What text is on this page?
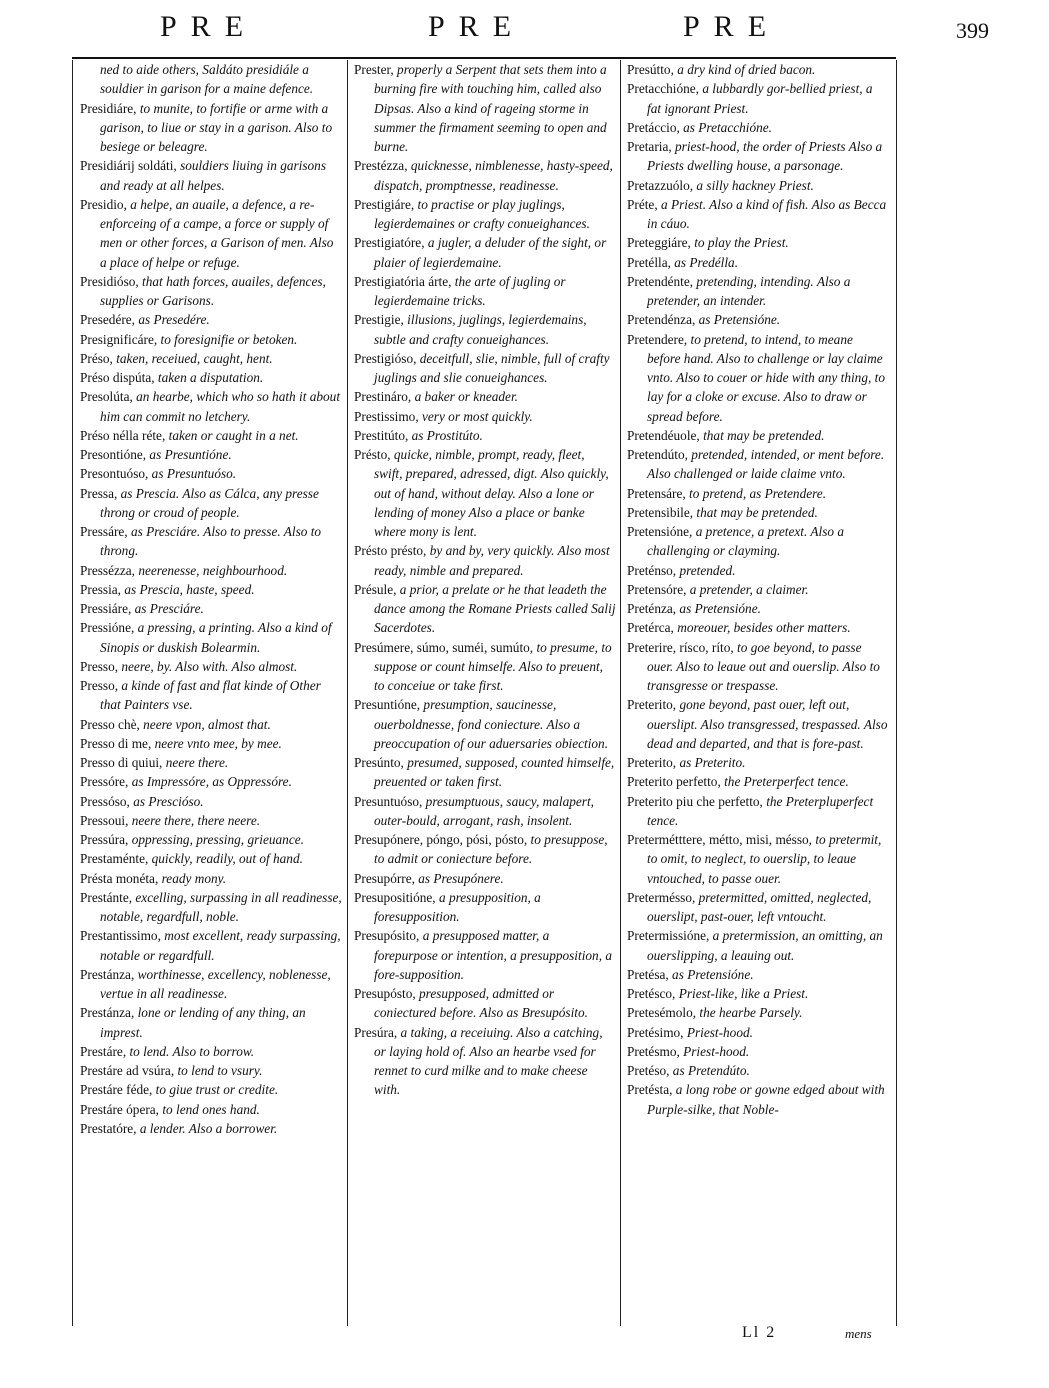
PRE	PRE	PRE	399

ned to aide others, Saldáto presidiále a souldier in garison for a maine defence.

Presidiáre, to munite, to fortifie or arme with a garison, to liue or stay in a garison. Also to besiege or beleagre.

Presidiárij soldáti, souldiers liuing in garisons and ready at all helpes.

Presidio, a helpe, an auaile, a defence, a re-enforceing of a campe, a force or supply of men or other forces, a Garison of men. Also a place of helpe or refuge.

Presidióso, that hath forces, auailes, defences, supplies or Garisons.

Presedére, as Presedére.

Presignificáre, to foresignifie or betoken.

Préso, taken, receiued, caught, hent.

Préso dispúta, taken a disputation.

Presolúta, an hearbe, which who so hath it about him can commit no letchery.

Préso nélla réte, taken or caught in a net.

Presontióne, as Presuntióne.

Presontuóso, as Presuntuóso.

Pressa, as Prescia. Also as Cálca, any presse throng or croud of people.

Pressáre, as Presciáre. Also to presse. Also to throng.

Pressézza, neerenesse, neighbourhood.

Pressia, as Prescia, haste, speed.

Pressiáre, as Presciáre.

Pressióne, a pressing, a printing. Also a kind of Sinopis or duskish Bolearmin.

Presso, neere, by. Also with. Also almost.

Presso, a kinde of fast and flat kinde of Other that Painters vse.

Presso chè, neere vpon, almost that.

Presso di me, neere vnto mee, by mee.

Presso di quiui, neere there.

Pressóre, as Impressóre, as Oppressóre.

Pressóso, as Presciósо.

Pressoui, neere there, there neere.

Pressúra, oppressing, pressing, grieuance.

Prestaménte, quickly, readily, out of hand.

Présta monéta, ready mony.

Prestánte, excelling, surpassing in all readinesse, notable, regardfull, noble.

Prestantissimo, most excellent, ready surpassing, notable or regardfull.

Prestánza, worthinesse, excellency, noblenesse, vertue in all readinesse.

Prestánza, lone or lending of any thing, an imprest.

Prestáre, to lend. Also to borrow.

Prestáre ad vsúra, to lend to vsury.

Prestáre féde, to giue trust or credite.

Prestáre ópera, to lend ones hand.

Prestatóre, a lender. Also a borrower.

Prester, properly a Serpent that sets them into a burning fire with touching him, called also Dipsas. Also a kind of rageing storme in summer the firmament seeming to open and burne.

Prestézza, quicknesse, nimblenesse, hasty-speed, dispatch, promptnesse, readinesse.

Prestigiáre, to practise or play juglings, legierdemaines or crafty conueighances.

Prestigiatóre, a jugler, a deluder of the sight, or plaier of legierdemaine.

Prestigiatória árte, the arte of jugling or legierdemaine tricks.

Prestigie, illusions, juglings, legierdemains, subtle and crafty conueighances.

Prestigióso, deceitfull, slie, nimble, full of crafty juglings and slie conueighances.

Prestináro, a baker or kneader.

Prestissimo, very or most quickly.

Prestitúto, as Prostitúto.

Présto, quicke, nimble, prompt, ready, fleet, swift, prepared, adressed, digt. Also quickly, out of hand, without delay. Also a lone or lending of money Also a place or banke where mony is lent.

Présto présto, by and by, very quickly. Also most ready, nimble and prepared.

Présule, a prior, a prelate or he that leadeth the dance among the Romane Priests called Salij Sacerdotes.

Presúmere, súmo, suméi, sumúto, to presume, to suppose or count himselfe. Also to preuent, to conceiue or take first.

Presuntióne, presumption, saucinesse, ouerboldnesse, fond coniecture. Also a preoccupation of our aduersaries obiection.

Presúnto, presumed, supposed, counted himselfe, preuented or taken first.

Presuntuóso, presumptuous, saucy, malapert, outer-bould, arrogant, rash, insolent.

Presupónere, póngo, pósi, pósto, to presuppose, to admit or coniecture before.

Presupórre, as Presupónere.

Presupositióne, a presupposition, a foresupposition.

Presupósito, a presupposed matter, a forepurpose or intention, a presupposition, a fore-supposition.

Presupósto, presupposed, admitted or coniectured before. Also as Bresupósito.

Presúra, a taking, a receiuing. Also a catching, or laying hold of. Also an hearbe vsed for rennet to curd milke and to make cheese with.

Presútto, a dry kind of dried bacon.

Pretacchióne, a lubbardly gor-bellied priest, a fat ignorant Priest.

Pretáccio, as Pretacchióne.

Pretaria, priest-hood, the order of Priests Also a Priests dwelling house, a parsonage.

Pretazzuólo, a silly hackney Priest.

Préte, a Priest. Also a kind of fish. Also as Becca in cáuo.

Preteggiáre, to play the Priest.

Pretélla, as Predélla.

Pretendénte, pretending, intending. Also a pretender, an intender.

Pretendénza, as Pretensióne.

Pretendere, to pretend, to intend, to meane before hand. Also to challenge or lay claime vnto. Also to couer or hide with any thing, to lay for a cloke or excuse. Also to draw or spread before.

Pretendéuole, that may be pretended.

Pretendúto, pretended, intended, or ment before. Also challenged or laide claime vnto.

Pretensáre, to pretend, as Pretendere.

Pretensibile, that may be pretended.

Pretensióne, a pretence, a pretext. Also a challenging or clayming.

Preténso, pretended.

Pretensóre, a pretender, a claimer.

Preténza, as Pretensióne.

Pretérca, moreouer, besides other matters.

Preterire, rísco, ríto, to goe beyond, to passe ouer. Also to leaue out and ouerslip. Also to transgresse or trespasse.

Preterito, gone beyond, past ouer, left out, ouerslipt. Also transgressed, trespassed. Also dead and departed, and that is fore-past.

Preterito, as Preterito.

Preterito perfetto, the Preterperfect tence.

Preterito piu che perfetto, the Preterpluperfect tence.

Pretermétttere, métto, misi, mésso, to pretermit, to omit, to neglect, to ouerslip, to leaue vntouched, to passe ouer.

Pretermésso, pretermitted, omitted, neglected, ouerslipt, past-ouer, left vntoucht.

Pretermissióne, a pretermission, an omitting, an ouerslipping, a leauing out.

Pretésa, as Pretensióne.

Pretésco, Priest-like, like a Priest.

Pretesémolo, the hearbe Parsely.

Pretésimo, Priest-hood.

Pretésmo, Priest-hood.

Pretéso, as Pretendúto.

Pretésta, a long robe or gowne edged about with Purple-silke, that Noble-

Ll 2	mens
